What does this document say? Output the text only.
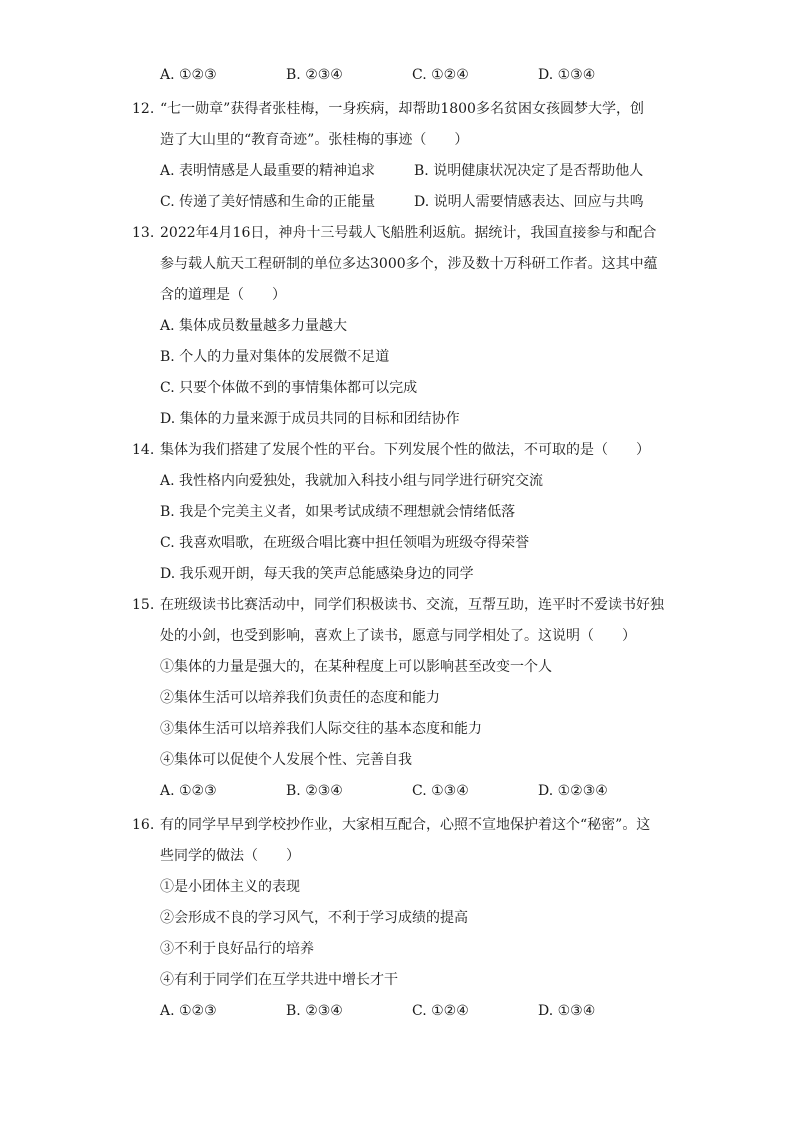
A. ①②③	B. ②③④	C. ①②④	D. ①③④
12. “七一勋章”获得者张桂梅，一身疾病，却帮助1800多名贫困女孩圆梦大学，创
造了大山里的“教育奇迹”。张桂梅的事迹（　　）
A. 表明情感是人最重要的精神追求	B. 说明健康状况决定了是否帮助他人
C. 传递了美好情感和生命的正能量	D. 说明人需要情感表达、回应与共鸣
13. 2022年4月16日，神舟十三号载人飞船胜利返航。据统计，我国直接参与和配合
参与载人航天工程研制的单位多达3000多个，涉及数十万科研工作者。这其中蕴
含的道理是（　　）
A. 集体成员数量越多力量越大
B. 个人的力量对集体的发展微不足道
C. 只要个体做不到的事情集体都可以完成
D. 集体的力量来源于成员共同的目标和团结协作
14. 集体为我们搭建了发展个性的平台。下列发展个性的做法，不可取的是（　　）
A. 我性格内向爱独处，我就加入科技小组与同学进行研究交流
B. 我是个完美主义者，如果考试成绩不理想就会情绪低落
C. 我喜欢唱歌，在班级合唱比赛中担任领唱为班级夺得荣誉
D. 我乐观开朗，每天我的笑声总能感染身边的同学
15. 在班级读书比赛活动中，同学们积极读书、交流，互帮互助，连平时不爱读书好独
处的小剑，也受到影响，喜欢上了读书，愿意与同学相处了。这说明（　　）
①集体的力量是强大的，在某种程度上可以影响甚至改变一个人
②集体生活可以培养我们负责任的态度和能力
③集体生活可以培养我们人际交往的基本态度和能力
④集体可以促使个人发展个性、完善自我
A. ①②③	B. ②③④	C. ①③④	D. ①②③④
16. 有的同学早早到学校抄作业，大家相互配合，心照不宣地保护着这个“秘密”。这
些同学的做法（　　）
①是小团体主义的表现
②会形成不良的学习风气，不利于学习成绩的提高
③不利于良好品行的培养
④有利于同学们在互学共进中增长才干
A. ①②③	B. ②③④	C. ①②④	D. ①③④
